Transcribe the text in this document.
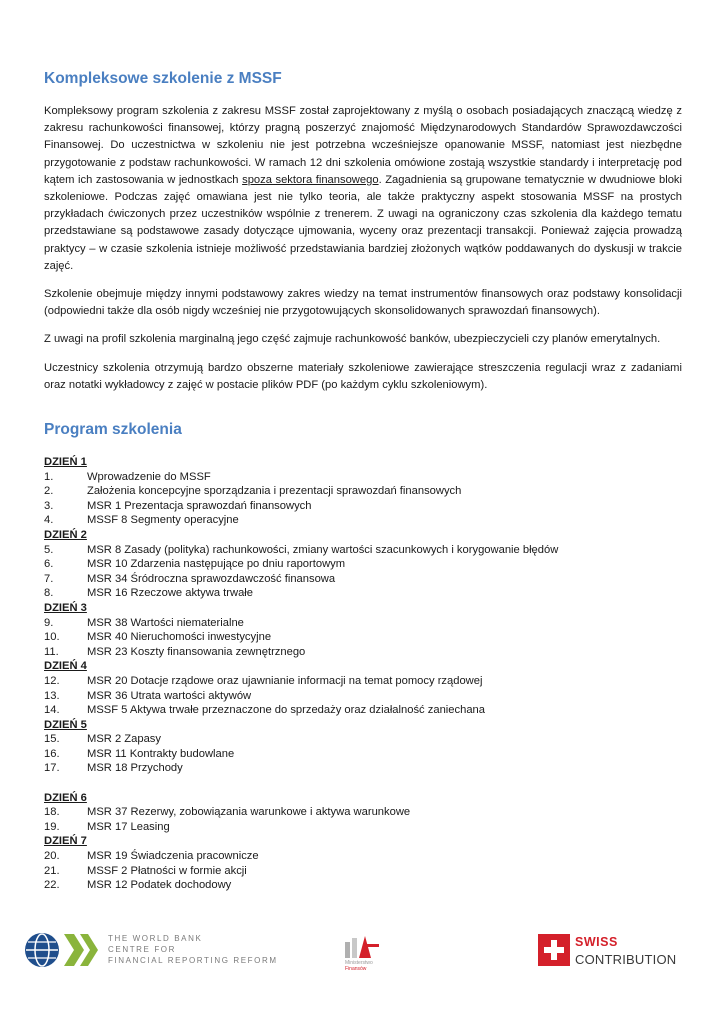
Kompleksowe szkolenie z MSSF

Kompleksowy program szkolenia z zakresu MSSF został zaprojektowany z myślą o osobach posiadających znaczącą wiedzę z zakresu rachunkowości finansowej, którzy pragną poszerzyć znajomość Międzynarodowych Standardów Sprawozdawczości Finansowej. Do uczestnictwa w szkoleniu nie jest potrzebna wcześniejsze opanowanie MSSF, natomiast jest niezbędne przygotowanie z podstaw rachunkowości. W ramach 12 dni szkolenia omówione zostają wszystkie standardy i interpretację pod kątem ich zastosowania w jednostkach spoza sektora finansowego. Zagadnienia są grupowane tematycznie w dwudniowe bloki szkoleniowe. Podczas zajęć omawiana jest nie tylko teoria, ale także praktyczny aspekt stosowania MSSF na prostych przykładach ćwiczonych przez uczestników wspólnie z trenerem. Z uwagi na ograniczony czas szkolenia dla każdego tematu przedstawiane są podstawowe zasady dotyczące ujmowania, wyceny oraz prezentacji transakcji. Ponieważ zajęcia prowadzą praktycy – w czasie szkolenia istnieje możliwość przedstawiania bardziej złożonych wątków poddawanych do dyskusji w trakcie zajęć.

Szkolenie obejmuje między innymi podstawowy zakres wiedzy na temat instrumentów finansowych oraz podstawy konsolidacji (odpowiedni także dla osób nigdy wcześniej nie przygotowujących skonsolidowanych sprawozdań finansowych).

Z uwagi na profil szkolenia marginalną jego część zajmuje rachunkowość banków, ubezpieczycieli czy planów emerytalnych.

Uczestnicy szkolenia otrzymują bardzo obszerne materiały szkoleniowe zawierające streszczenia regulacji wraz z zadaniami oraz notatki wykładowcy z zajęć w postacie plików PDF (po każdym cyklu szkoleniowym).

Program szkolenia
DZIEŃ 1
1.	Wprowadzenie do MSSF
2.	Założenia koncepcyjne sporządzania i prezentacji sprawozdań finansowych
3.	MSR 1 Prezentacja sprawozdań finansowych
4.	MSSF 8 Segmenty operacyjne
DZIEŃ 2
5.	MSR 8 Zasady (polityka) rachunkowości, zmiany wartości szacunkowych i korygowanie błędów
6.	MSR 10 Zdarzenia następujące po dniu raportowym
7.	MSR 34 Śródroczna sprawozdawczość finansowa
8.	MSR 16 Rzeczowe aktywa trwałe
DZIEŃ 3
9.	MSR 38 Wartości niematerialne
10.	MSR 40 Nieruchomości inwestycyjne
11.	MSR 23 Koszty finansowania zewnętrznego
DZIEŃ 4
12.	MSR 20 Dotacje rządowe oraz ujawnianie informacji na temat pomocy rządowej
13.	MSR 36 Utrata wartości aktywów
14.	MSSF 5 Aktywa trwałe przeznaczone do sprzedaży oraz działalność zaniechana
DZIEŃ 5
15.	MSR 2 Zapasy
16.	MSR 11 Kontrakty budowlane
17.	MSR 18 Przychody
DZIEŃ 6
18.	MSR 37 Rezerwy, zobowiązania warunkowe i aktywa warunkowe
19.	MSR 17 Leasing
DZIEŃ 7
20.	MSR 19 Świadczenia pracownicze
21.	MSSF 2 Płatności w formie akcji
22.	MSR 12 Podatek dochodowy
THE WORLD BANK
CENTRE FOR
FINANCIAL REPORTING REFORM	Ministerstwo
Finansów
SWISS
CONTRIBUTION
